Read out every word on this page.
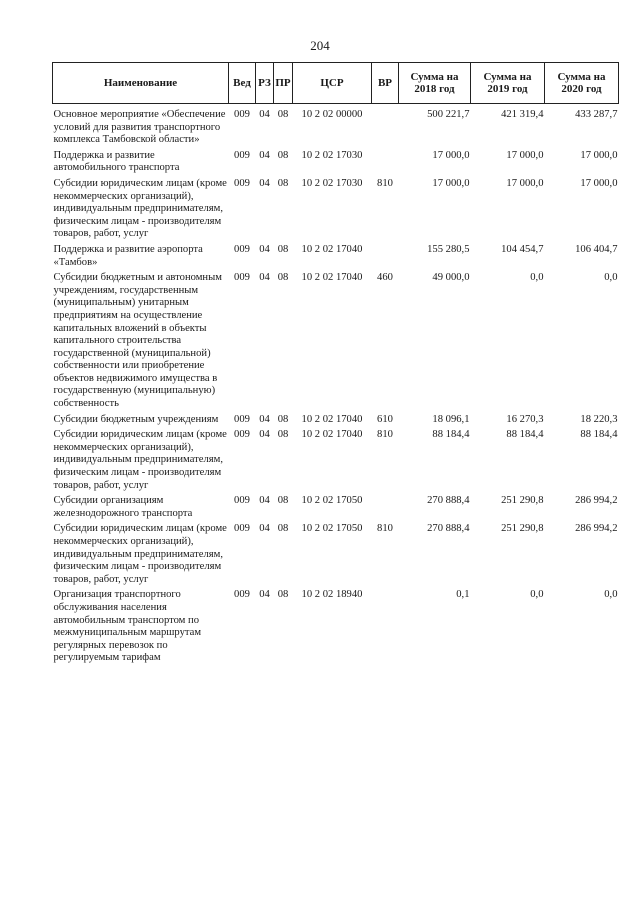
204
Наименование	Вед	РЗ	ПР	ЦСР	ВР	Сумма на 2018 год	Сумма на 2019 год	Сумма на 2020 год
Основное мероприятие «Обеспечение условий для развития транспортного комплекса Тамбовской области»	009	04	08	10 2 02 00000		500 221,7	421 319,4	433 287,7
Поддержка и развитие автомобильного транспорта	009	04	08	10 2 02 17030		17 000,0	17 000,0	17 000,0
Субсидии юридическим лицам (кроме некоммерческих организаций), индивидуальным предпринимателям, физическим лицам - производителям товаров, работ, услуг	009	04	08	10 2 02 17030	810	17 000,0	17 000,0	17 000,0
Поддержка и развитие аэропорта «Тамбов»	009	04	08	10 2 02 17040		155 280,5	104 454,7	106 404,7
Субсидии бюджетным и автономным учреждениям, государственным (муниципальным) унитарным предприятиям на осуществление капитальных вложений в объекты капитального строительства государственной (муниципальной) собственности или приобретение объектов недвижимого имущества в государственную (муниципальную) собственность	009	04	08	10 2 02 17040	460	49 000,0	0,0	0,0
Субсидии бюджетным учреждениям	009	04	08	10 2 02 17040	610	18 096,1	16 270,3	18 220,3
Субсидии юридическим лицам (кроме некоммерческих организаций), индивидуальным предпринимателям, физическим лицам - производителям товаров, работ, услуг	009	04	08	10 2 02 17040	810	88 184,4	88 184,4	88 184,4
Субсидии организациям железнодорожного транспорта	009	04	08	10 2 02 17050		270 888,4	251 290,8	286 994,2
Субсидии юридическим лицам (кроме некоммерческих организаций), индивидуальным предпринимателям, физическим лицам - производителям товаров, работ, услуг	009	04	08	10 2 02 17050	810	270 888,4	251 290,8	286 994,2
Организация транспортного обслуживания населения автомобильным транспортом по межмуниципальным маршрутам регулярных перевозок по регулируемым тарифам	009	04	08	10 2 02 18940		0,1	0,0	0,0
